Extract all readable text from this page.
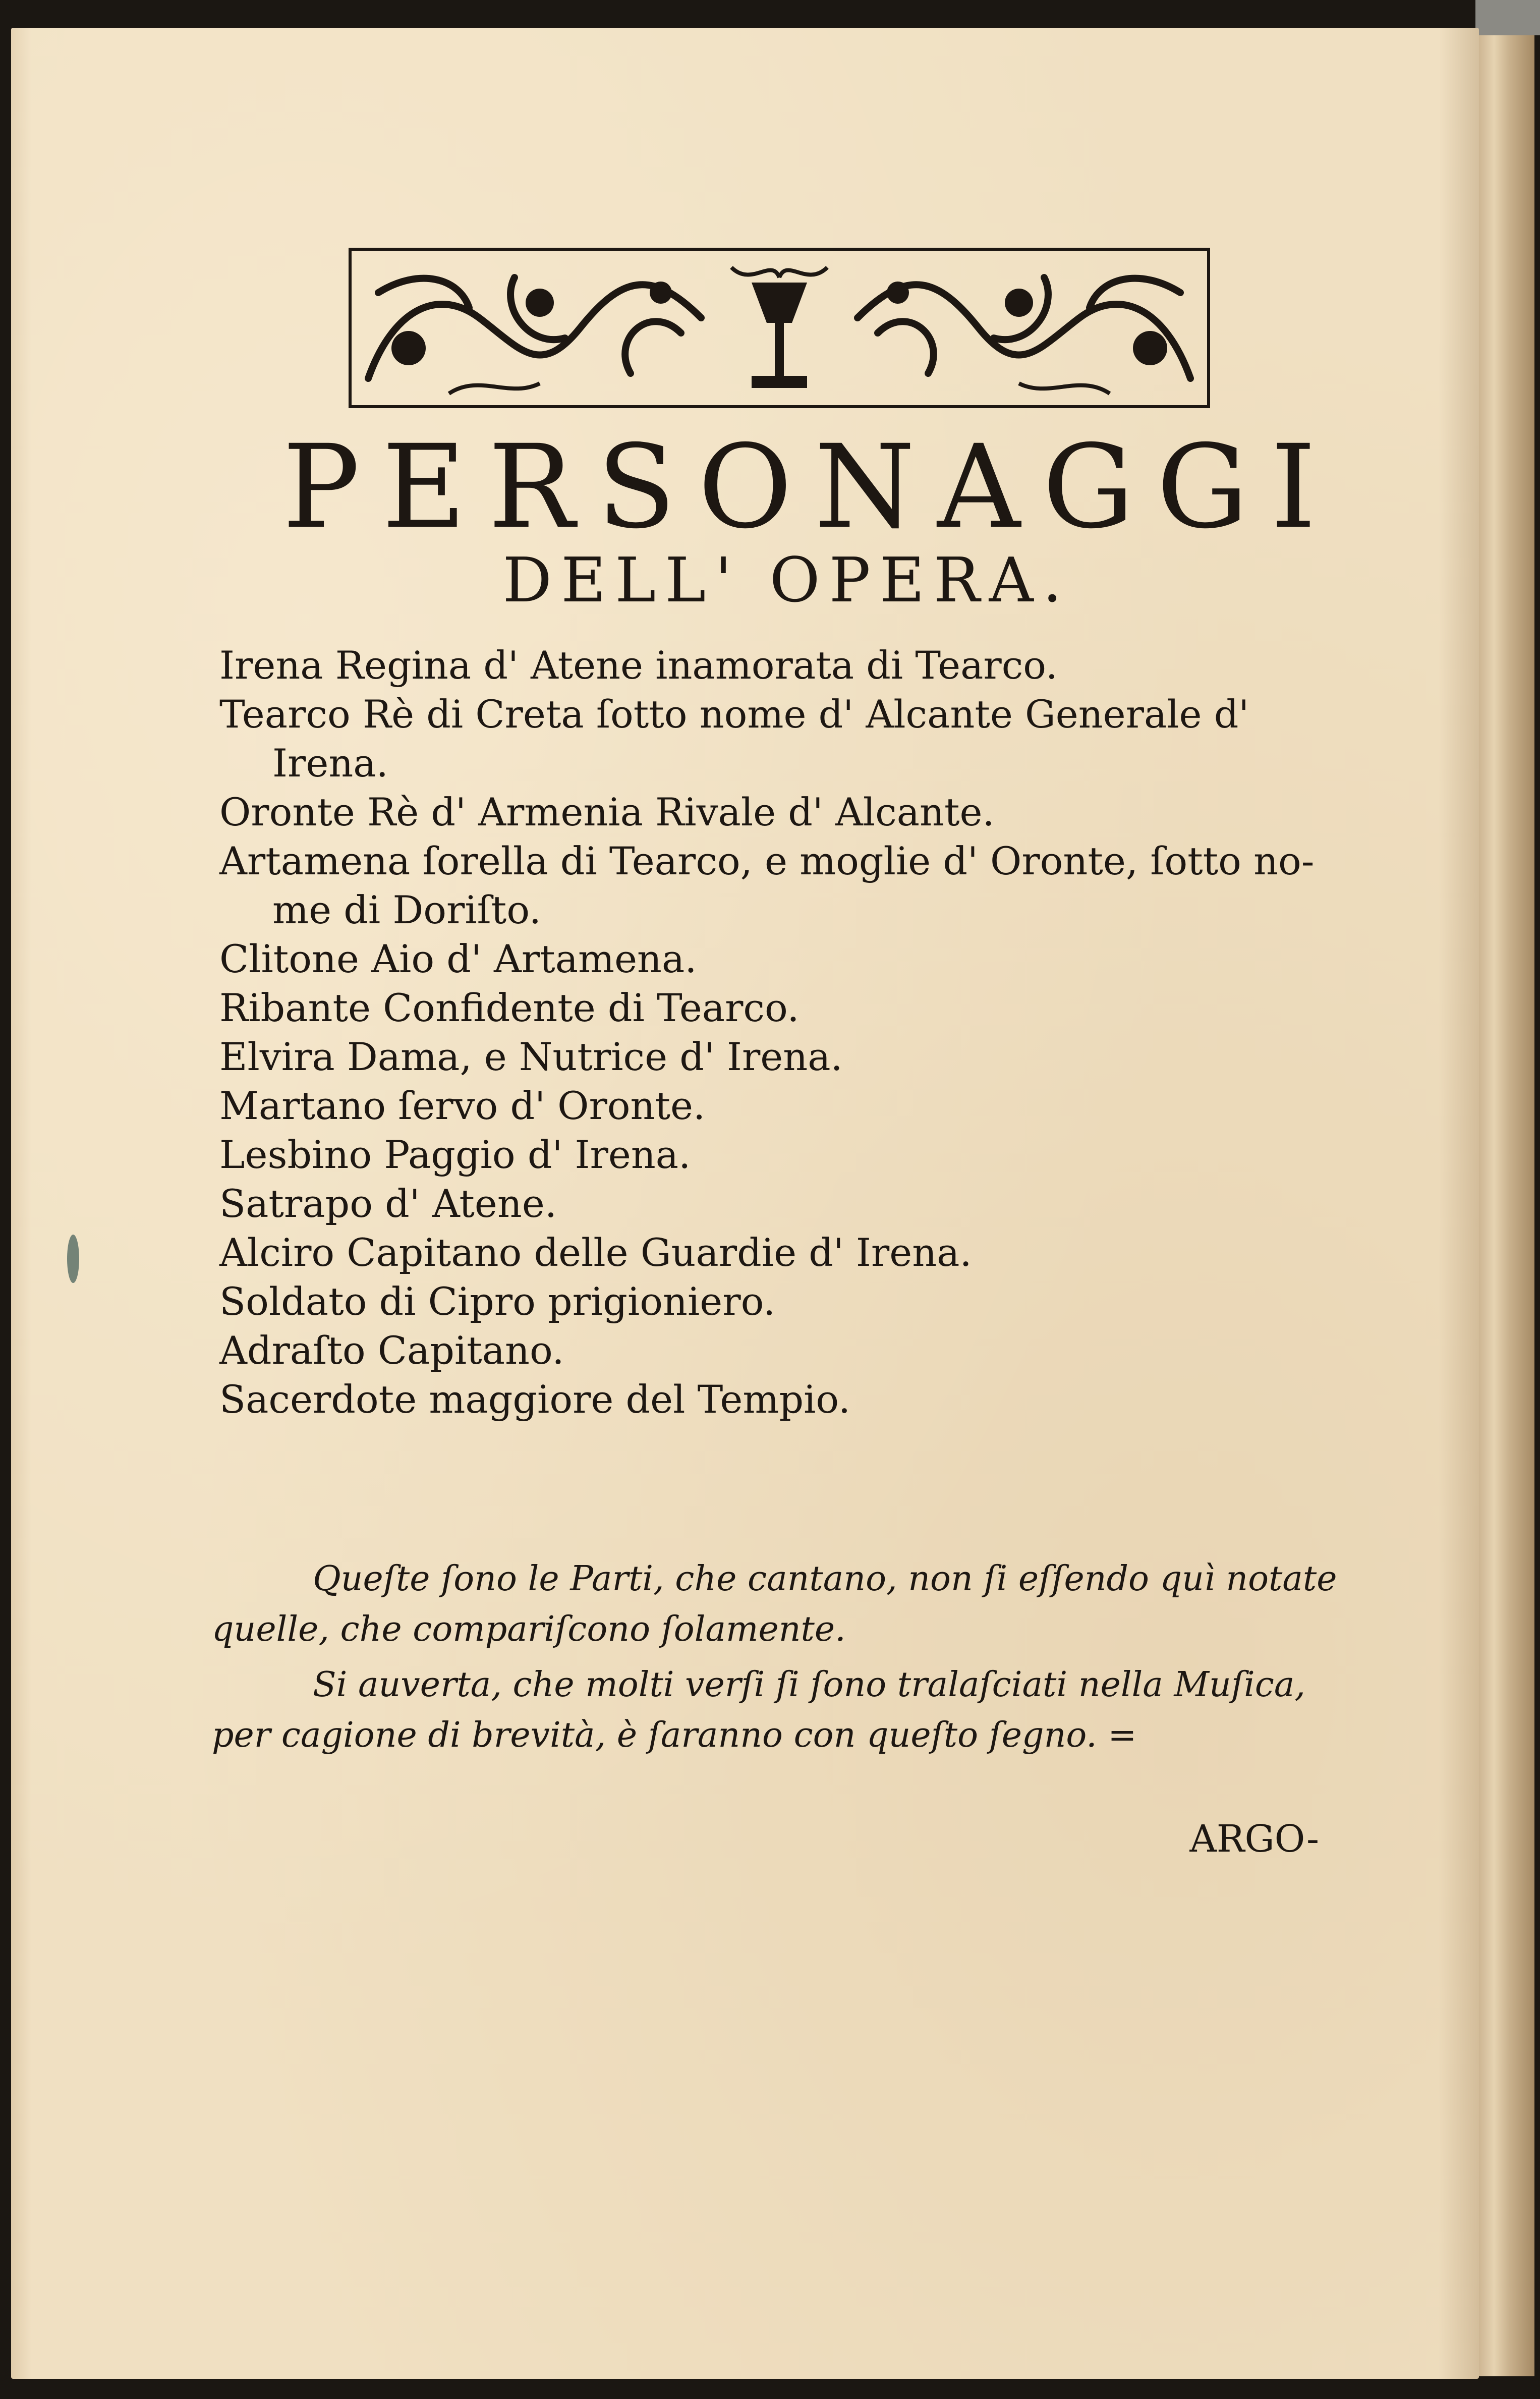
PERSONAGGI
DELL' OPERA.
Irena Regina d' Atene inamorata di Tearco.
Tearco Rè di Creta ſotto nome d' Alcante Generale d'
Irena.
Oronte Rè d' Armenia Rivale d' Alcante.
Artamena ſorella di Tearco, e moglie d' Oronte, ſotto no-
me di Doriſto.
Clitone Aio d' Artamena.
Ribante Confidente di Tearco.
Elvira Dama, e Nutrice d' Irena.
Martano ſervo d' Oronte.
Lesbino Paggio d' Irena.
Satrapo d' Atene.
Alciro Capitano delle Guardie d' Irena.
Soldato di Cipro prigioniero.
Adraſto Capitano.
Sacerdote maggiore del Tempio.

Queſte ſono le Parti, che cantano, non ſi eſſendo quì notate
quelle, che compariſcono ſolamente.

Si auverta, che molti verſi ſi ſono tralaſciati nella Muſica,
per cagione di brevità, è ſaranno con queſto ſegno. =

ARGO-
